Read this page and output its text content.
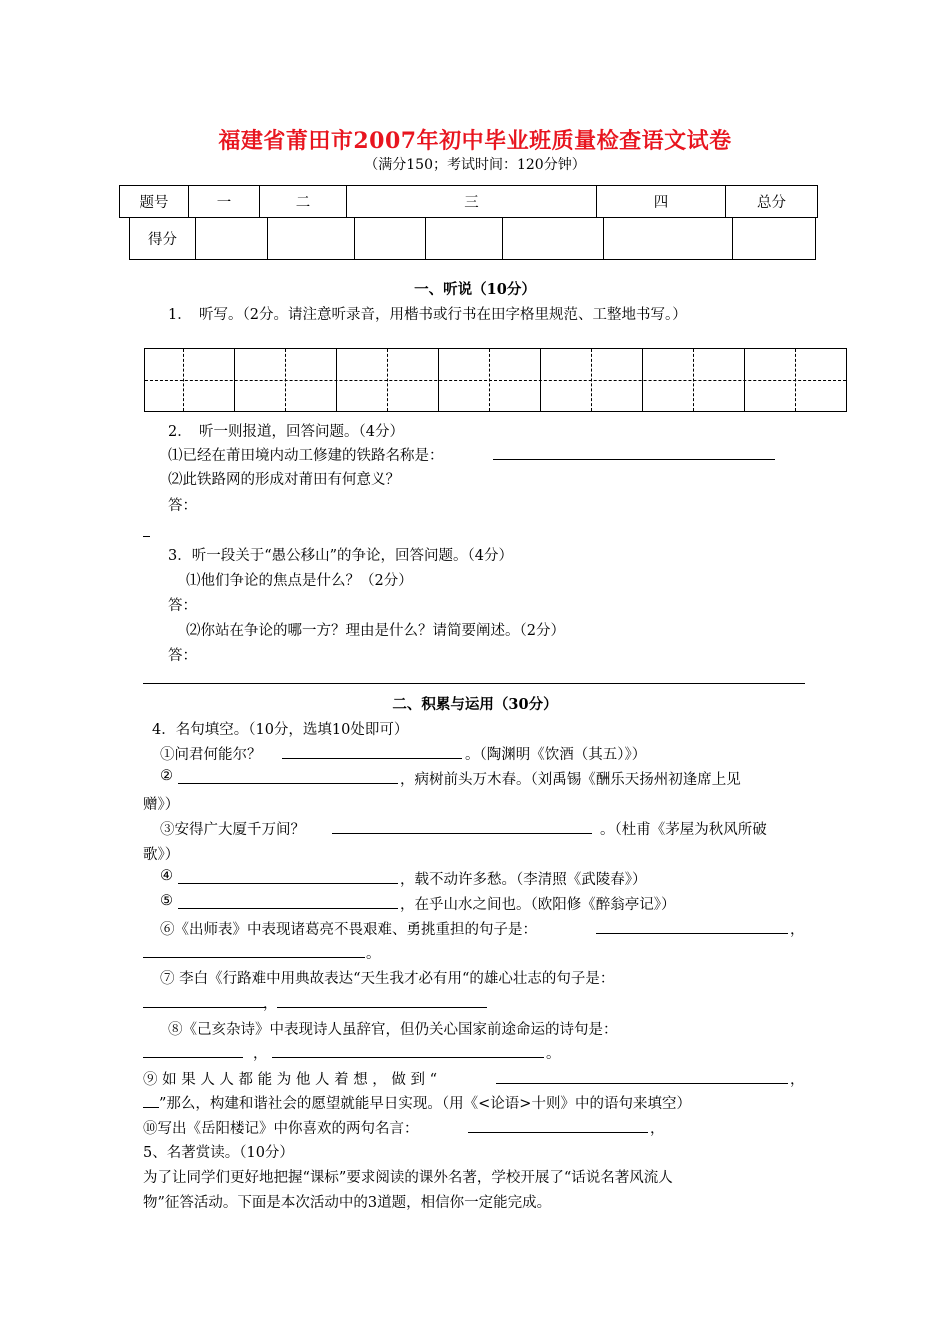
福建省莆田市2007年初中毕业班质量检查语文试卷
（满分150；考试时间：120分钟）
题号	一	二	三	四	总分
得分							
一、听说（10分）
1．　听写。（2分。请注意听录音，用楷书或行书在田字格里规范、工整地书写。）
2．　听一则报道，回答问题。（4分）
⑴已经在莆田境内动工修建的铁路名称是：
⑵此铁路网的形成对莆田有何意义？
答：
3．听一段关于“愚公移山”的争论，回答问题。（4分）
⑴他们争论的焦点是什么？（2分）
答：
⑵你站在争论的哪一方？理由是什么？请简要阐述。（2分）
答：
二、积累与运用（30分）
4．名句填空。（10分，选填10处即可）
①问君何能尔？	。（陶渊明《饮酒（其五）》）
②	，病树前头万木春。（刘禹锡《酬乐天扬州初逢席上见
赠》）
③安得广大厦千万间？	。（杜甫《茅屋为秋风所破
歌》）
④	，载不动许多愁。（李清照《武陵春》）
⑤	，在乎山水之间也。（欧阳修《醉翁亭记》）
⑥《出师表》中表现诸葛亮不畏艰难、勇挑重担的句子是：	，
。
⑦ 李白《行路难中用典故表达“天生我才必有用“的雄心壮志的句子是：
，
⑧《己亥杂诗》中表现诗人虽辞官，但仍关心国家前途命运的诗句是：
，	。
⑨ 如 果 人 人 都 能 为 他 人 着 想 ， 做 到 “	，
”那么，构建和谐社会的愿望就能早日实现。（用《<论语>十则》中的语句来填空）
⑩写出《岳阳楼记》中你喜欢的两句名言：	，
5、名著赏读。（10分）
为了让同学们更好地把握“课标”要求阅读的课外名著，学校开展了“话说名著风流人
物”征答活动。下面是本次活动中的3道题，相信你一定能完成。
